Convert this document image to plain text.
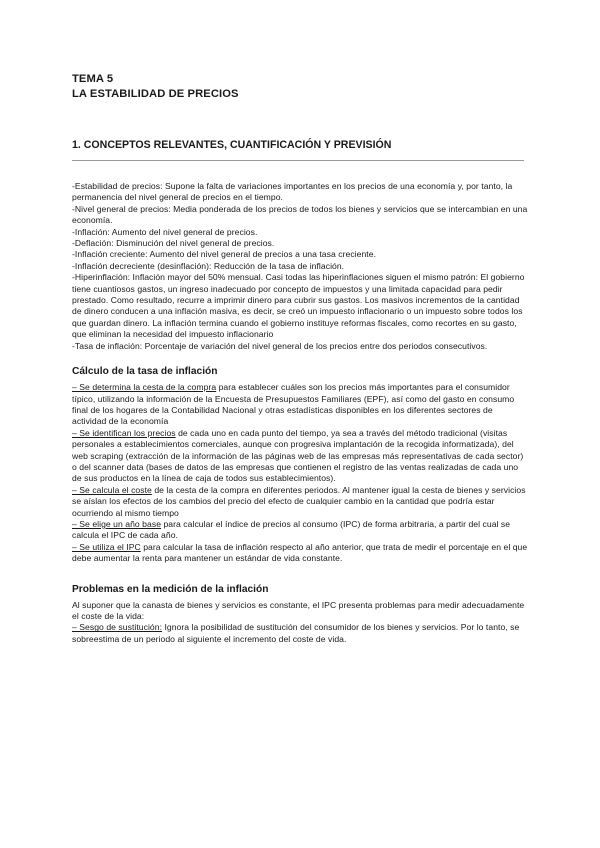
TEMA 5
LA ESTABILIDAD DE PRECIOS
1. CONCEPTOS RELEVANTES, CUANTIFICACIÓN Y PREVISIÓN

-Estabilidad de precios: Supone la falta de variaciones importantes en los precios de una economía y, por tanto, la permanencia del nivel general de precios en el tiempo.

-Nivel general de precios: Media ponderada de los precios de todos los bienes y servicios que se intercambian en una economía.

-Inflación: Aumento del nivel general de precios.

-Deflación: Disminución del nivel general de precios.

-Inflación creciente: Aumento del nivel general de precios a una tasa creciente.

-Inflación decreciente (desinflación): Reducción de la tasa de inflación.

-Hiperinflación: Inflación mayor del 50% mensual. Casi todas las hiperinflaciones siguen el mismo patrón: El gobierno tiene cuantiosos gastos, un ingreso inadecuado por concepto de impuestos y una limitada capacidad para pedir prestado. Como resultado, recurre a imprimir dinero para cubrir sus gastos. Los masivos incrementos de la cantidad de dinero conducen a una inflación masiva, es decir, se creó un impuesto inflacionario o un impuesto sobre todos los que guardan dinero. La inflación termina cuando el gobierno instituye reformas fiscales, como recortes en su gasto, que eliminan la necesidad del impuesto inflacionario

-Tasa de inflación: Porcentaje de variación del nivel general de los precios entre dos periodos consecutivos.

Cálculo de la tasa de inflación

– Se determina la cesta de la compra para establecer cuáles son los precios más importantes para el consumidor típico, utilizando la información de la Encuesta de Presupuestos Familiares (EPF), así como del gasto en consumo final de los hogares de la Contabilidad Nacional y otras estadísticas disponibles en los diferentes sectores de actividad de la economía

– Se identifican los precios de cada uno en cada punto del tiempo, ya sea a través del método tradicional (visitas personales a establecimientos comerciales, aunque con progresiva implantación de la recogida informatizada), del web scraping (extracción de la información de las páginas web de las empresas más representativas de cada sector) o del scanner data (bases de datos de las empresas que contienen el registro de las ventas realizadas de cada uno de sus productos en la línea de caja de todos sus establecimientos).

– Se calcula el coste de la cesta de la compra en diferentes periodos. Al mantener igual la cesta de bienes y servicios se aíslan los efectos de los cambios del precio del efecto de cualquier cambio en la cantidad que podría estar ocurriendo al mismo tiempo

– Se elige un año base para calcular el índice de precios al consumo (IPC) de forma arbitraria, a partir del cual se calcula el IPC de cada año.

– Se utiliza el IPC para calcular la tasa de inflación respecto al año anterior, que trata de medir el porcentaje en el que debe aumentar la renta para mantener un estándar de vida constante.

Problemas en la medición de la inflación

Al suponer que la canasta de bienes y servicios es constante, el IPC presenta problemas para medir adecuadamente el coste de la vida:

– Sesgo de sustitución: Ignora la posibilidad de sustitución del consumidor de los bienes y servicios. Por lo tanto, se sobreestima de un periodo al siguiente el incremento del coste de vida.
